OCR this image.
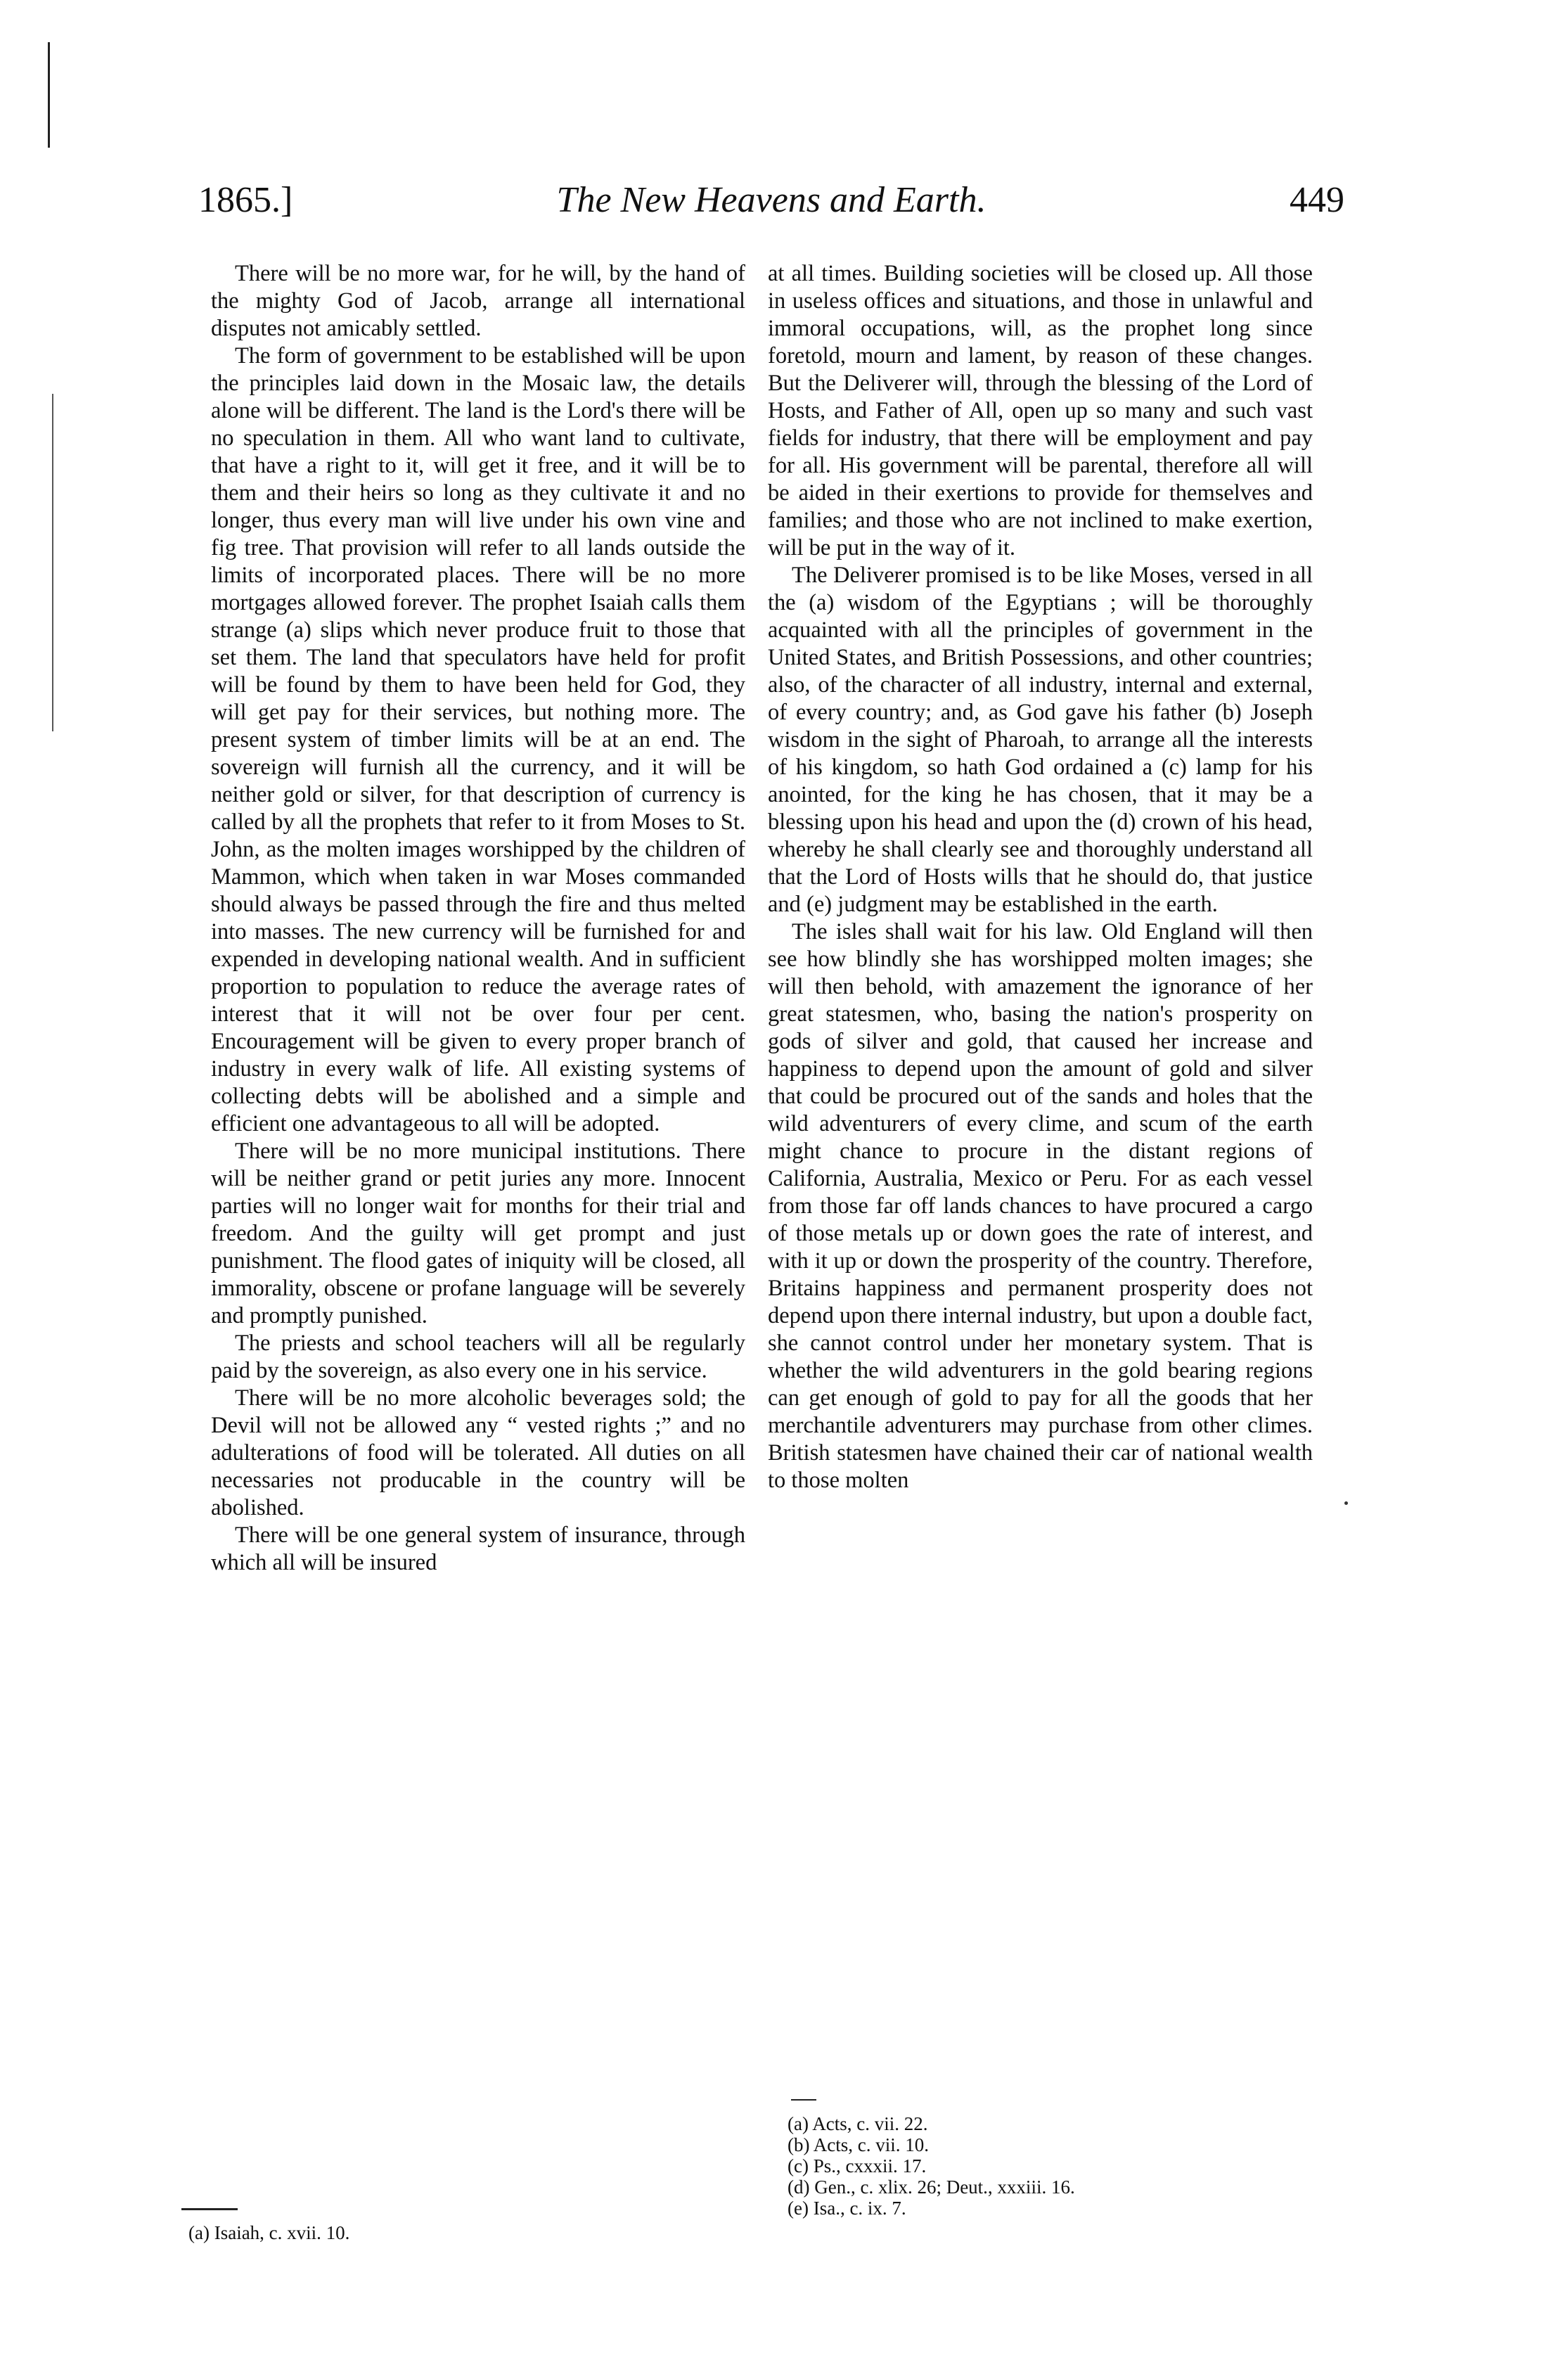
1865.]	The New Heavens and Earth.	449

There will be no more war, for he will, by the hand of the mighty God of Jacob, arrange all international disputes not amicably settled.

The form of government to be established will be upon the principles laid down in the Mosaic law, the details alone will be different. The land is the Lord's there will be no speculation in them. All who want land to cultivate, that have a right to it, will get it free, and it will be to them and their heirs so long as they cultivate it and no longer, thus every man will live under his own vine and fig tree. That provision will refer to all lands outside the limits of incorporated places. There will be no more mortgages allowed forever. The prophet Isaiah calls them strange (a) slips which never produce fruit to those that set them. The land that speculators have held for profit will be found by them to have been held for God, they will get pay for their services, but nothing more. The present system of timber limits will be at an end. The sovereign will furnish all the currency, and it will be neither gold or silver, for that description of currency is called by all the prophets that refer to it from Moses to St. John, as the molten images worshipped by the children of Mammon, which when taken in war Moses commanded should always be passed through the fire and thus melted into masses. The new currency will be furnished for and expended in developing national wealth. And in sufficient proportion to population to reduce the average rates of interest that it will not be over four per cent. Encouragement will be given to every proper branch of industry in every walk of life. All existing systems of collecting debts will be abolished and a simple and efficient one advantageous to all will be adopted.

There will be no more municipal institutions. There will be neither grand or petit juries any more. Innocent parties will no longer wait for months for their trial and freedom. And the guilty will get prompt and just punishment. The flood gates of iniquity will be closed, all immorality, obscene or profane language will be severely and promptly punished.

The priests and school teachers will all be regularly paid by the sovereign, as also every one in his service.

There will be no more alcoholic beverages sold; the Devil will not be allowed any “ vested rights ;” and no adulterations of food will be tolerated. All duties on all necessaries not producable in the country will be abolished.

There will be one general system of insurance, through which all will be insured

at all times. Building societies will be closed up. All those in useless offices and situations, and those in unlawful and immoral occupations, will, as the prophet long since foretold, mourn and lament, by reason of these changes. But the Deliverer will, through the blessing of the Lord of Hosts, and Father of All, open up so many and such vast fields for industry, that there will be employment and pay for all. His government will be parental, therefore all will be aided in their exertions to provide for themselves and families; and those who are not inclined to make exertion, will be put in the way of it.

The Deliverer promised is to be like Moses, versed in all the (a) wisdom of the Egyptians ; will be thoroughly acquainted with all the principles of government in the United States, and British Possessions, and other countries; also, of the character of all industry, internal and external, of every country; and, as God gave his father (b) Joseph wisdom in the sight of Pharoah, to arrange all the interests of his kingdom, so hath God ordained a (c) lamp for his anointed, for the king he has chosen, that it may be a blessing upon his head and upon the (d) crown of his head, whereby he shall clearly see and thoroughly understand all that the Lord of Hosts wills that he should do, that justice and (e) judgment may be established in the earth.

The isles shall wait for his law. Old England will then see how blindly she has worshipped molten images; she will then behold, with amazement the ignorance of her great statesmen, who, basing the nation's prosperity on gods of silver and gold, that caused her increase and happiness to depend upon the amount of gold and silver that could be procured out of the sands and holes that the wild adventurers of every clime, and scum of the earth might chance to procure in the distant regions of California, Australia, Mexico or Peru. For as each vessel from those far off lands chances to have procured a cargo of those metals up or down goes the rate of interest, and with it up or down the prosperity of the country. Therefore, Britains happiness and permanent prosperity does not depend upon there internal industry, but upon a double fact, she cannot control under her monetary system. That is whether the wild adventurers in the gold bearing regions can get enough of gold to pay for all the goods that her merchantile adventurers may purchase from other climes. British statesmen have chained their car of national wealth to those molten

(a) Acts, c. vii. 22.
(b) Acts, c. vii. 10.
(c) Ps., cxxxii. 17.
(d) Gen., c. xlix. 26; Deut., xxxiii. 16.
(e) Isa., c. ix. 7.
(a) Isaiah, c. xvii. 10.
